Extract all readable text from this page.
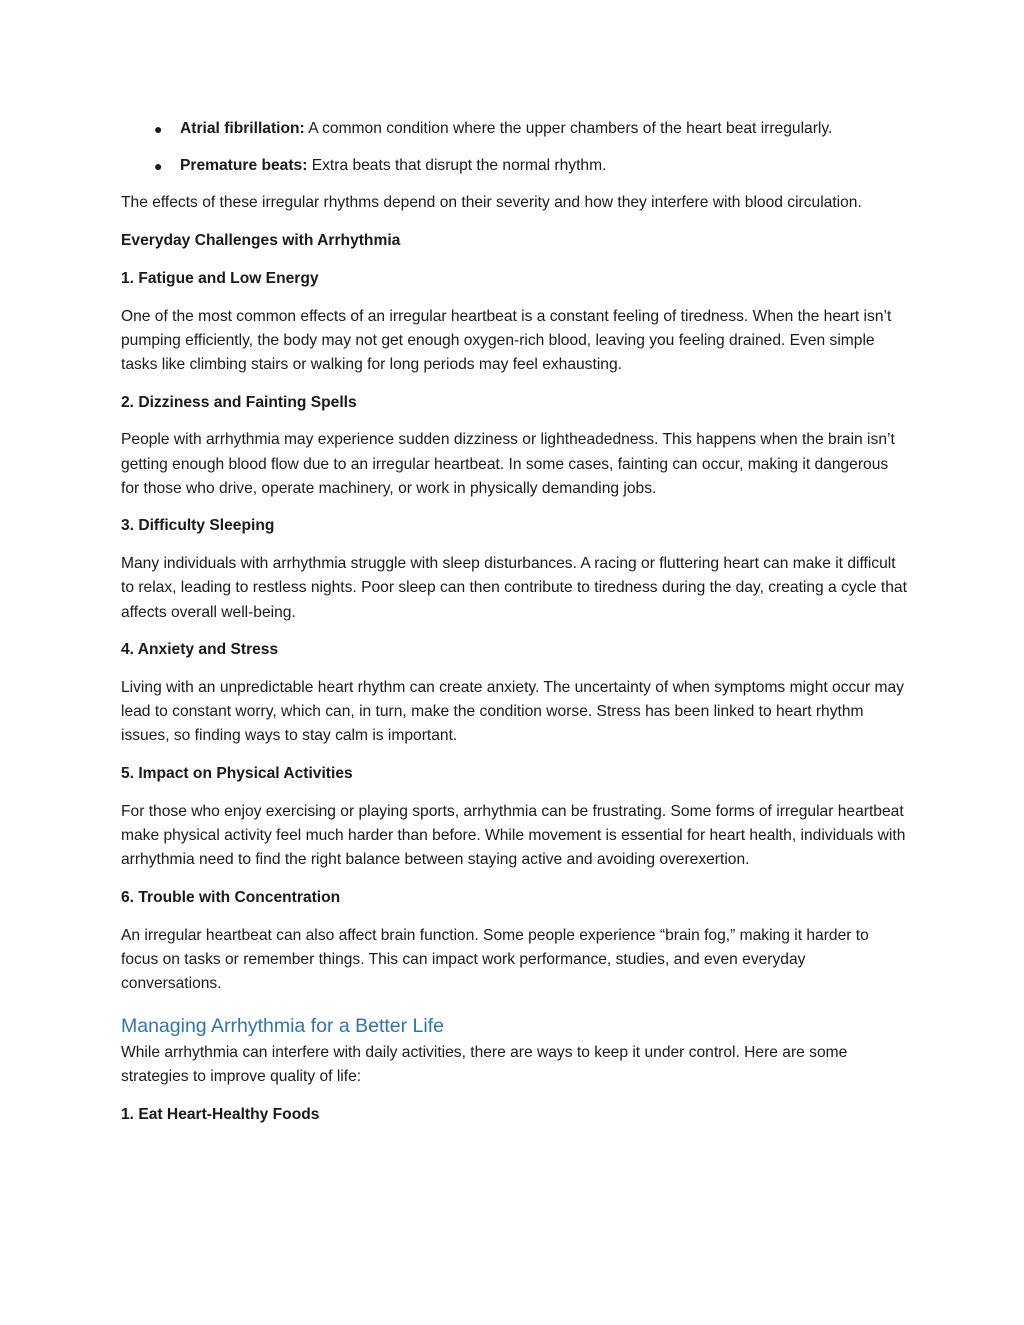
● Atrial fibrillation: A common condition where the upper chambers of the heart beat irregularly.
● Premature beats: Extra beats that disrupt the normal rhythm.

The effects of these irregular rhythms depend on their severity and how they interfere with blood circulation.

Everyday Challenges with Arrhythmia

1. Fatigue and Low Energy

One of the most common effects of an irregular heartbeat is a constant feeling of tiredness. When the heart isn’t pumping efficiently, the body may not get enough oxygen-rich blood, leaving you feeling drained. Even simple tasks like climbing stairs or walking for long periods may feel exhausting.

2. Dizziness and Fainting Spells

People with arrhythmia may experience sudden dizziness or lightheadedness. This happens when the brain isn’t getting enough blood flow due to an irregular heartbeat. In some cases, fainting can occur, making it dangerous for those who drive, operate machinery, or work in physically demanding jobs.

3. Difficulty Sleeping

Many individuals with arrhythmia struggle with sleep disturbances. A racing or fluttering heart can make it difficult to relax, leading to restless nights. Poor sleep can then contribute to tiredness during the day, creating a cycle that affects overall well-being.

4. Anxiety and Stress

Living with an unpredictable heart rhythm can create anxiety. The uncertainty of when symptoms might occur may lead to constant worry, which can, in turn, make the condition worse. Stress has been linked to heart rhythm issues, so finding ways to stay calm is important.

5. Impact on Physical Activities

For those who enjoy exercising or playing sports, arrhythmia can be frustrating. Some forms of irregular heartbeat make physical activity feel much harder than before. While movement is essential for heart health, individuals with arrhythmia need to find the right balance between staying active and avoiding overexertion.

6. Trouble with Concentration

An irregular heartbeat can also affect brain function. Some people experience “brain fog,” making it harder to focus on tasks or remember things. This can impact work performance, studies, and even everyday conversations.

Managing Arrhythmia for a Better Life

While arrhythmia can interfere with daily activities, there are ways to keep it under control. Here are some strategies to improve quality of life:

1. Eat Heart-Healthy Foods
